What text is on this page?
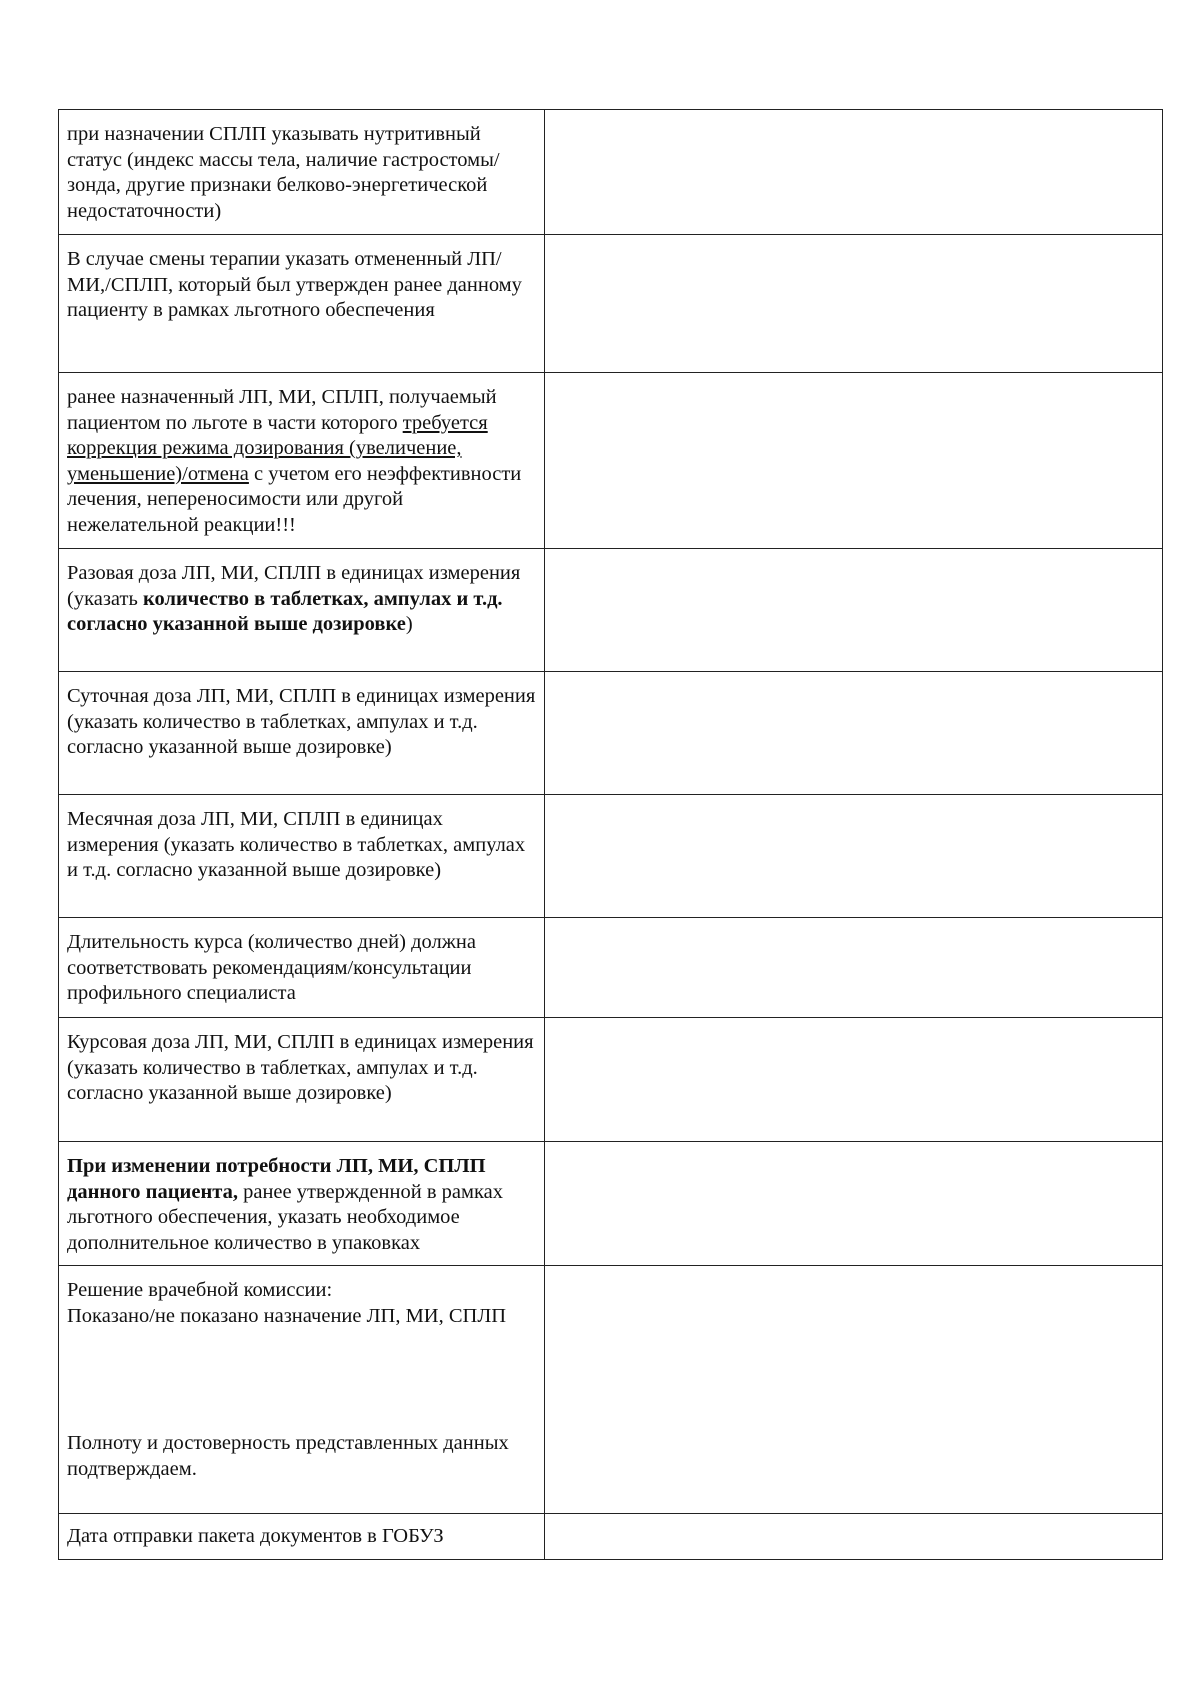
при назначении СПЛП указывать нутритивный статус (индекс массы тела, наличие гастростомы/зонда, другие признаки белково-энергетической недостаточности)	
В случае смены терапии указать отмененный ЛП/ МИ,/СПЛП, который был утвержден ранее данному пациенту в рамках льготного обеспечения	
ранее назначенный ЛП, МИ, СПЛП, получаемый пациентом по льготе в части которого требуется коррекция режима дозирования (увеличение, уменьшение)/отмена с учетом его неэффективности лечения, непереносимости или другой нежелательной реакции!!!	
Разовая доза ЛП, МИ, СПЛП в единицах измерения (указать количество в таблетках, ампулах и т.д. согласно указанной выше дозировке)	
Суточная доза ЛП, МИ, СПЛП в единицах измерения (указать количество в таблетках, ампулах и т.д. согласно указанной выше дозировке)	
Месячная доза ЛП, МИ, СПЛП в единицах измерения (указать количество в таблетках, ампулах и т.д. согласно указанной выше дозировке)	
Длительность курса (количество дней) должна соответствовать рекомендациям/консультации профильного специалиста	
Курсовая доза ЛП, МИ, СПЛП в единицах измерения (указать количество в таблетках, ампулах и т.д. согласно указанной выше дозировке)	
При изменении потребности ЛП, МИ, СПЛП данного пациента, ранее утвержденной в рамках льготного обеспечения, указать необходимое дополнительное количество в упаковках	

Решение врачебной комиссии:
Показано/не показано назначение ЛП, МИ, СПЛП
Полноту и достоверность представленных данных подтверждаем.	

Дата отправки пакета документов в ГОБУЗ	
